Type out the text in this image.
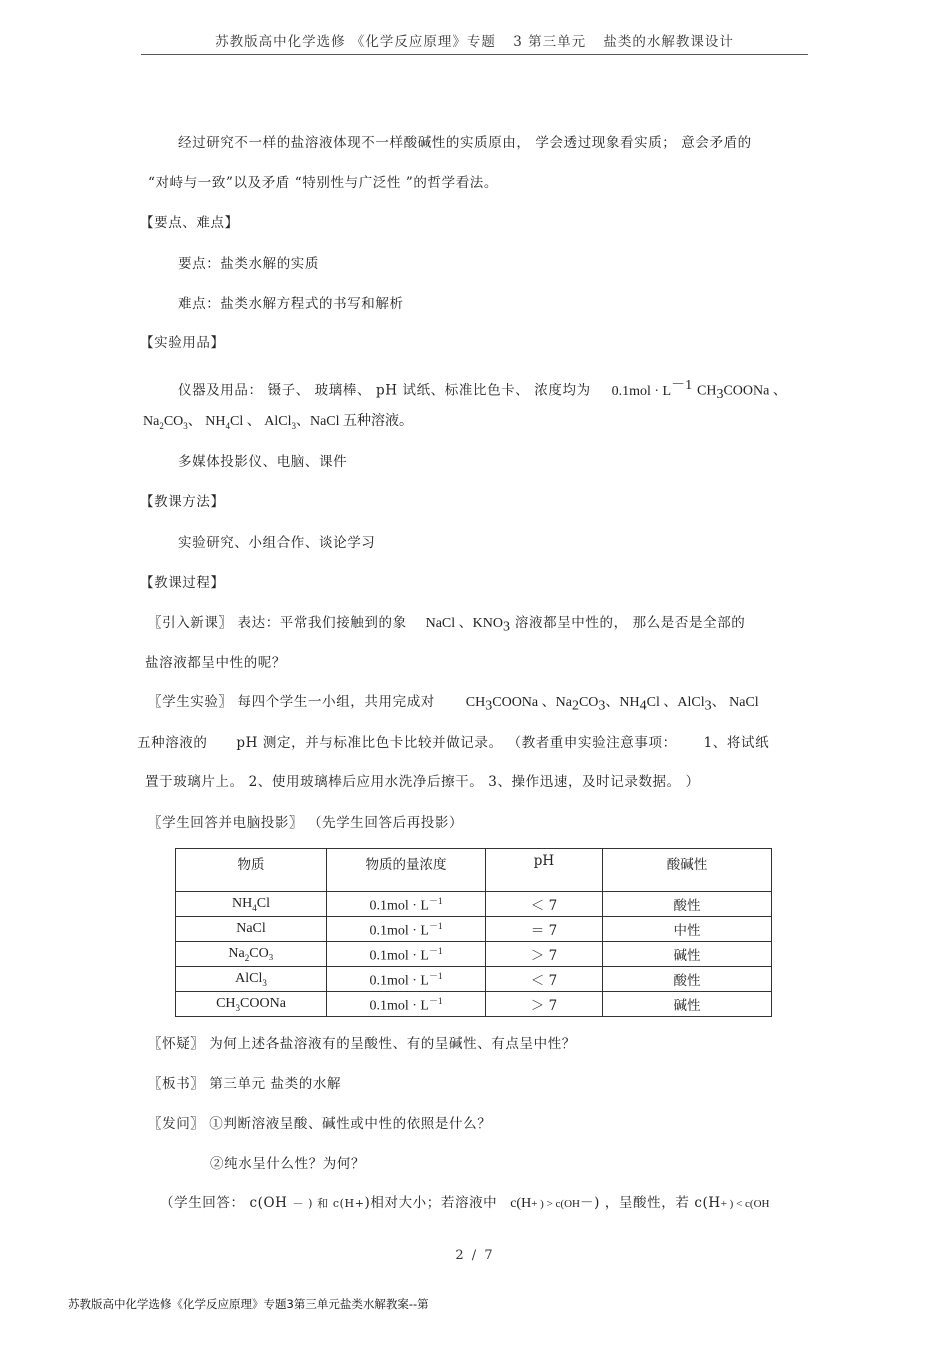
苏教版高中化学选修 《化学反应原理》专题 3 第三单元 盐类的水解教课设计
经过研究不一样的盐溶液体现不一样酸碱性的实质原由， 学会透过现象看实质； 意会矛盾的
“对峙与一致”以及矛盾 “特别性与广泛性 ”的哲学看法。
【要点、难点】
要点：盐类水解的实质
难点：盐类水解方程式的书写和解析
【实验用品】
仪器及用品： 镊子、 玻璃棒、 pH 试纸、标准比色卡、 浓度均为 $0.1mol \cdot L^{-1}$ $CH_3COONa$ 、
$Na_2CO_3$、 $NH_4Cl$ 、 AlCl$_3$、NaCl 五种溶液。
多媒体投影仪、电脑、课件
【教课方法】
实验研究、小组合作、谈论学习
【教课过程】
〖引入新课〗 表达：平常我们接触到的象 NaCl 、$KNO_3$ 溶液都呈中性的， 那么是否是全部的
盐溶液都呈中性的呢？
〖学生实验〗 每四个学生一小组，共用完成对 $CH_3COONa$ 、$Na_2CO_3$、$NH_4Cl$ 、AlCl$_3$、 NaCl
五种溶液的 pH 测定，并与标准比色卡比较并做记录。 （教者重申实验注意事项： 1、将试纸
置于玻璃片上。 2、使用玻璃棒后应用水洗净后擦干。 3、操作迅速，及时记录数据。 ）
〖学生回答并电脑投影〗 （先学生回答后再投影）
物质	物质的量浓度	pH	酸碱性
$NH_4Cl$	$0.1mol \cdot L^{-1}$	＜ 7	酸性
NaCl	$0.1mol \cdot L^{-1}$	＝ 7	中性
$Na_2CO_3$	$0.1mol \cdot L^{-1}$	＞ 7	碱性
AlCl$_3$	$0.1mol \cdot L^{-1}$	＜ 7	酸性
$CH_3COONa$	$0.1mol \cdot L^{-1}$	＞ 7	碱性
〖怀疑〗 为何上述各盐溶液有的呈酸性、有的呈碱性、有点呈中性？
〖板书〗 第三单元 盐类的水解
〖发问〗 ①判断溶液呈酸、碱性或中性的依照是什么？
②纯水呈什么性？为何？
（学生回答： c(OH － ) 和 c(H+)相对大小；若溶液中 c(H+ ) > c(OH－) ，呈酸性，若 c(H+ ) < c(OH
2 / 7
苏教版高中化学选修《化学反应原理》专题3第三单元盐类水解教案--第
